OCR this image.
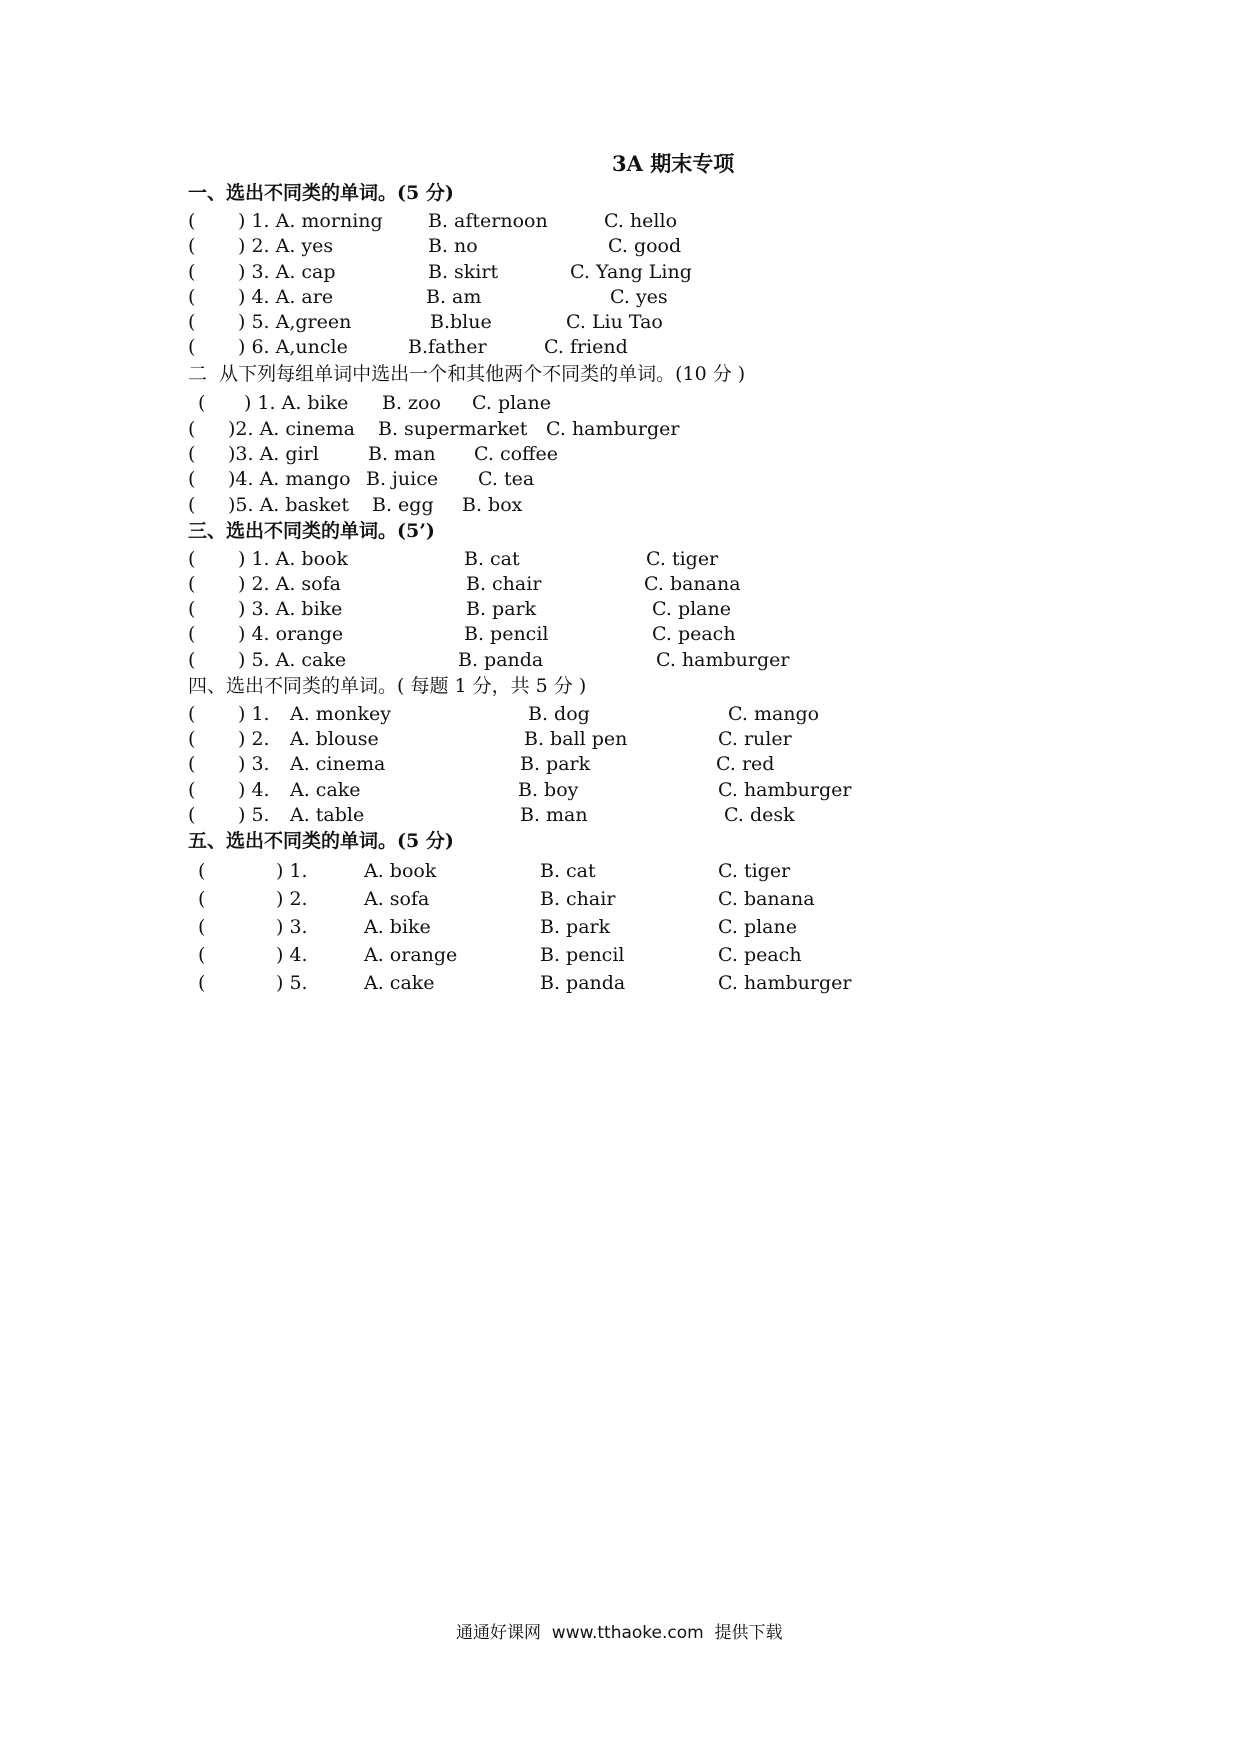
3A 期末专项
一、选出不同类的单词。(5 分)
( ) 1. A. morning B. afternoon	C. hello
( ) 2. A. yes	B. no	C. good
( ) 3. A. cap	B. skirt	C. Yang Ling
( ) 4. A. are	B. am	C. yes
( ) 5. A,green	B.blue	C. Liu Tao
( ) 6. A,uncle	B.father	C. friend
二  从下列每组单词中选出一个和其他两个不同类的单词。(10 分 )
( ) 1. A. bike B. zoo C. plane
( )2. A. cinema B. supermarket C. hamburger
( )3. A. girl	B. man C. coffee
( )4. A. mango B. juice C. tea
( )5. A. basket B. egg B. box
三、选出不同类的单词。(5’)
( ) 1. A. book	B. cat	C. tiger
( ) 2. A. sofa	B. chair	C. banana
( ) 3. A. bike	B. park	C. plane
( ) 4. orange	B. pencil	C. peach
( ) 5. A. cake	B. panda	C. hamburger
四、选出不同类的单词。( 每题 1 分，共 5 分 )
( ) 1. A. monkey	B. dog	C. mango
( ) 2. A. blouse	B. ball pen	C. ruler
( ) 3. A. cinema	B. park	C. red
( ) 4. A. cake	B. boy	C. hamburger
( ) 5. A. table	B. man	C. desk
五、选出不同类的单词。(5 分)
(	) 1.	A. book	B. cat	C. tiger
(	) 2.	A. sofa	B. chair	C. banana
(	) 3.	A. bike	B. park	C. plane
(	) 4.	A. orange	B. pencil	C. peach
(	) 5.	A. cake	B. panda	C. hamburger
通通好课网  www.tthaoke.com  提供下载
